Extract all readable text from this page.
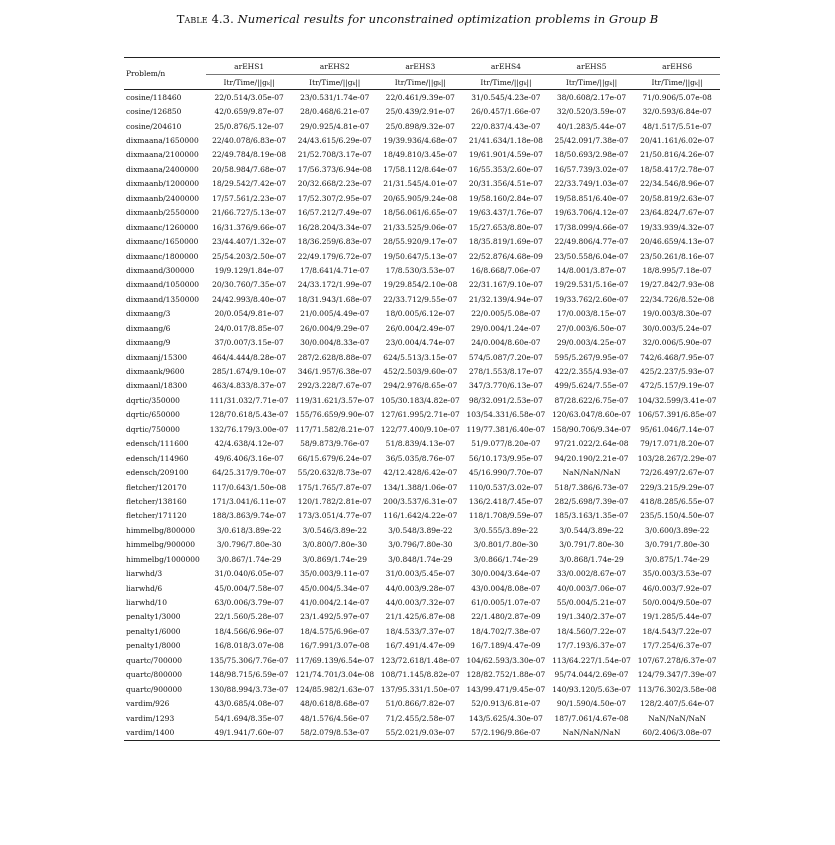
Table 4.3. Numerical results for unconstrained optimization problems in Group B
Problem/n	arEHS1	arEHS2	arEHS3	arEHS4	arEHS5	arEHS6
	Itr/Time/||gₖ||	Itr/Time/||gₖ||	Itr/Time/||gₖ||	Itr/Time/||gₖ||	Itr/Time/||gₖ||	Itr/Time/||gₖ||
cosine/118460	22/0.514/3.05e-07	23/0.531/1.74e-07	22/0.461/9.39e-07	31/0.545/4.23e-07	38/0.608/2.17e-07	71/0.906/5.07e-08
cosine/126850	42/0.659/9.87e-07	28/0.468/6.21e-07	25/0.439/2.91e-07	26/0.457/1.66e-07	32/0.520/3.59e-07	32/0.593/6.84e-07
cosine/204610	25/0.876/5.12e-07	29/0.925/4.81e-07	25/0.898/9.32e-07	22/0.837/4.43e-07	40/1.283/5.44e-07	48/1.517/5.51e-07
dixmaana/1650000	22/40.078/6.83e-07	24/43.615/6.29e-07	19/39.936/4.68e-07	21/41.634/1.18e-08	25/42.091/7.38e-07	20/41.161/6.02e-07
dixmaana/2100000	22/49.784/8.19e-08	21/52.708/3.17e-07	18/49.810/3.45e-07	19/61.901/4.59e-07	18/50.693/2.98e-07	21/50.816/4.26e-07
dixmaana/2400000	20/58.984/7.68e-07	17/56.373/6.94e-08	17/58.112/8.64e-07	16/55.353/2.60e-07	16/57.739/3.02e-07	18/58.417/2.78e-07
dixmaanb/1200000	18/29.542/7.42e-07	20/32.668/2.23e-07	21/31.545/4.01e-07	20/31.356/4.51e-07	22/33.749/1.03e-07	22/34.546/8.96e-07
dixmaanb/2400000	17/57.561/2.23e-07	17/52.307/2.95e-07	20/65.905/9.24e-08	19/58.160/2.84e-07	19/58.851/6.40e-07	20/58.819/2.63e-07
dixmaanb/2550000	21/66.727/5.13e-07	16/57.212/7.49e-07	18/56.061/6.65e-07	19/63.437/1.76e-07	19/63.706/4.12e-07	23/64.824/7.67e-07
dixmaanc/1260000	16/31.376/9.66e-07	16/28.204/3.34e-07	21/33.525/9.06e-07	15/27.653/8.80e-07	17/38.099/4.66e-07	19/33.939/4.32e-07
dixmaanc/1650000	23/44.407/1.32e-07	18/36.259/6.83e-07	28/55.920/9.17e-07	18/35.819/1.69e-07	22/49.806/4.77e-07	20/46.659/4.13e-07
dixmaanc/1800000	25/54.203/2.50e-07	22/49.179/6.72e-07	19/50.647/5.13e-07	22/52.876/4.68e-09	23/50.558/6.04e-07	23/50.261/8.16e-07
dixmaand/300000	19/9.129/1.84e-07	17/8.641/4.71e-07	17/8.530/3.53e-07	16/8.668/7.06e-07	14/8.001/3.87e-07	18/8.995/7.18e-07
dixmaand/1050000	20/30.760/7.35e-07	24/33.172/1.99e-07	19/29.854/2.10e-08	22/31.167/9.10e-07	19/29.531/5.16e-07	19/27.842/7.93e-08
dixmaand/1350000	24/42.993/8.40e-07	18/31.943/1.68e-07	22/33.712/9.55e-07	21/32.139/4.94e-07	19/33.762/2.60e-07	22/34.726/8.52e-08
dixmaang/3	20/0.054/9.81e-07	21/0.005/4.49e-07	18/0.005/6.12e-07	22/0.005/5.08e-07	17/0.003/8.15e-07	19/0.003/8.30e-07
dixmaang/6	24/0.017/8.85e-07	26/0.004/9.29e-07	26/0.004/2.49e-07	29/0.004/1.24e-07	27/0.003/6.50e-07	30/0.003/5.24e-07
dixmaang/9	37/0.007/3.15e-07	30/0.004/8.33e-07	23/0.004/4.74e-07	24/0.004/8.60e-07	29/0.003/4.25e-07	32/0.006/5.90e-07
dixmaanj/15300	464/4.444/8.28e-07	287/2.628/8.88e-07	624/5.513/3.15e-07	574/5.087/7.20e-07	595/5.267/9.95e-07	742/6.468/7.95e-07
dixmaank/9600	285/1.674/9.10e-07	346/1.957/6.38e-07	452/2.503/9.60e-07	278/1.553/8.17e-07	422/2.355/4.93e-07	425/2.237/5.93e-07
dixmaanl/18300	463/4.833/8.37e-07	292/3.228/7.67e-07	294/2.976/8.65e-07	347/3.770/6.13e-07	499/5.624/7.55e-07	472/5.157/9.19e-07
dqrtic/350000	111/31.032/7.71e-07	119/31.621/3.57e-07	105/30.183/4.82e-07	98/32.091/2.53e-07	87/28.622/6.75e-07	104/32.599/3.41e-07
dqrtic/650000	128/70.618/5.43e-07	155/76.659/9.90e-07	127/61.995/2.71e-07	103/54.331/6.58e-07	120/63.047/8.60e-07	106/57.391/6.85e-07
dqrtic/750000	132/76.179/3.00e-07	117/71.582/8.21e-07	122/77.400/9.10e-07	119/77.381/6.40e-07	158/90.706/9.34e-07	95/61.046/7.14e-07
edensch/111600	42/4.638/4.12e-07	58/9.873/9.76e-07	51/8.839/4.13e-07	51/9.077/8.20e-07	97/21.022/2.64e-08	79/17.071/8.20e-07
edensch/114960	49/6.406/3.16e-07	66/15.679/6.24e-07	36/5.035/8.76e-07	56/10.173/9.95e-07	94/20.190/2.21e-07	103/28.267/2.29e-07
edensch/209100	64/25.317/9.70e-07	55/20.632/8.73e-07	42/12.428/6.42e-07	45/16.990/7.70e-07	NaN/NaN/NaN	72/26.497/2.67e-07
fletcher/120170	117/0.643/1.50e-08	175/1.765/7.87e-07	134/1.388/1.06e-07	110/0.537/3.02e-07	518/7.386/6.73e-07	229/3.215/9.29e-07
fletcher/138160	171/3.041/6.11e-07	120/1.782/2.81e-07	200/3.537/6.31e-07	136/2.418/7.45e-07	282/5.698/7.39e-07	418/8.285/6.55e-07
fletcher/171120	188/3.863/9.74e-07	173/3.051/4.77e-07	116/1.642/4.22e-07	118/1.708/9.59e-07	185/3.163/1.35e-07	235/5.150/4.50e-07
himmelbg/800000	3/0.618/3.89e-22	3/0.546/3.89e-22	3/0.548/3.89e-22	3/0.555/3.89e-22	3/0.544/3.89e-22	3/0.600/3.89e-22
himmelbg/900000	3/0.796/7.80e-30	3/0.800/7.80e-30	3/0.796/7.80e-30	3/0.801/7.80e-30	3/0.791/7.80e-30	3/0.791/7.80e-30
himmelbg/1000000	3/0.867/1.74e-29	3/0.869/1.74e-29	3/0.848/1.74e-29	3/0.866/1.74e-29	3/0.868/1.74e-29	3/0.875/1.74e-29
liarwhd/3	31/0.040/6.05e-07	35/0.003/9.11e-07	31/0.003/5.45e-07	30/0.004/3.64e-07	33/0.002/8.67e-07	35/0.003/3.53e-07
liarwhd/6	45/0.004/7.58e-07	45/0.004/5.34e-07	44/0.003/9.28e-07	43/0.004/8.08e-07	40/0.003/7.06e-07	46/0.003/7.92e-07
liarwhd/10	63/0.006/3.79e-07	41/0.004/2.14e-07	44/0.003/7.32e-07	61/0.005/1.07e-07	55/0.004/5.21e-07	50/0.004/9.50e-07
penalty1/3000	22/1.560/5.28e-07	23/1.492/5.97e-07	21/1.425/6.87e-08	22/1.480/2.87e-09	19/1.340/2.37e-07	19/1.285/5.44e-07
penalty1/6000	18/4.566/6.96e-07	18/4.575/6.96e-07	18/4.533/7.37e-07	18/4.702/7.38e-07	18/4.560/7.22e-07	18/4.543/7.22e-07
penalty1/8000	16/8.018/3.07e-08	16/7.991/3.07e-08	16/7.491/4.47e-09	16/7.189/4.47e-09	17/7.193/6.37e-07	17/7.254/6.37e-07
quartc/700000	135/75.306/7.76e-07	117/69.139/6.54e-07	123/72.618/1.48e-07	104/62.593/3.30e-07	113/64.227/1.54e-07	107/67.278/6.37e-07
quartc/800000	148/98.715/6.59e-07	121/74.701/3.04e-08	108/71.145/8.82e-07	128/82.752/1.88e-07	95/74.044/2.69e-07	124/79.347/7.39e-07
quartc/900000	130/88.994/3.73e-07	124/85.982/1.63e-07	137/95.331/1.50e-07	143/99.471/9.45e-07	140/93.120/5.63e-07	113/76.302/3.58e-08
vardim/926	43/0.685/4.08e-07	48/0.618/8.68e-07	51/0.866/7.82e-07	52/0.913/6.81e-07	90/1.590/4.50e-07	128/2.407/5.64e-07
vardim/1293	54/1.694/8.35e-07	48/1.576/4.56e-07	71/2.455/2.58e-07	143/5.625/4.30e-07	187/7.061/4.67e-08	NaN/NaN/NaN
vardim/1400	49/1.941/7.60e-07	58/2.079/8.53e-07	55/2.021/9.03e-07	57/2.196/9.86e-07	NaN/NaN/NaN	60/2.406/3.08e-07
